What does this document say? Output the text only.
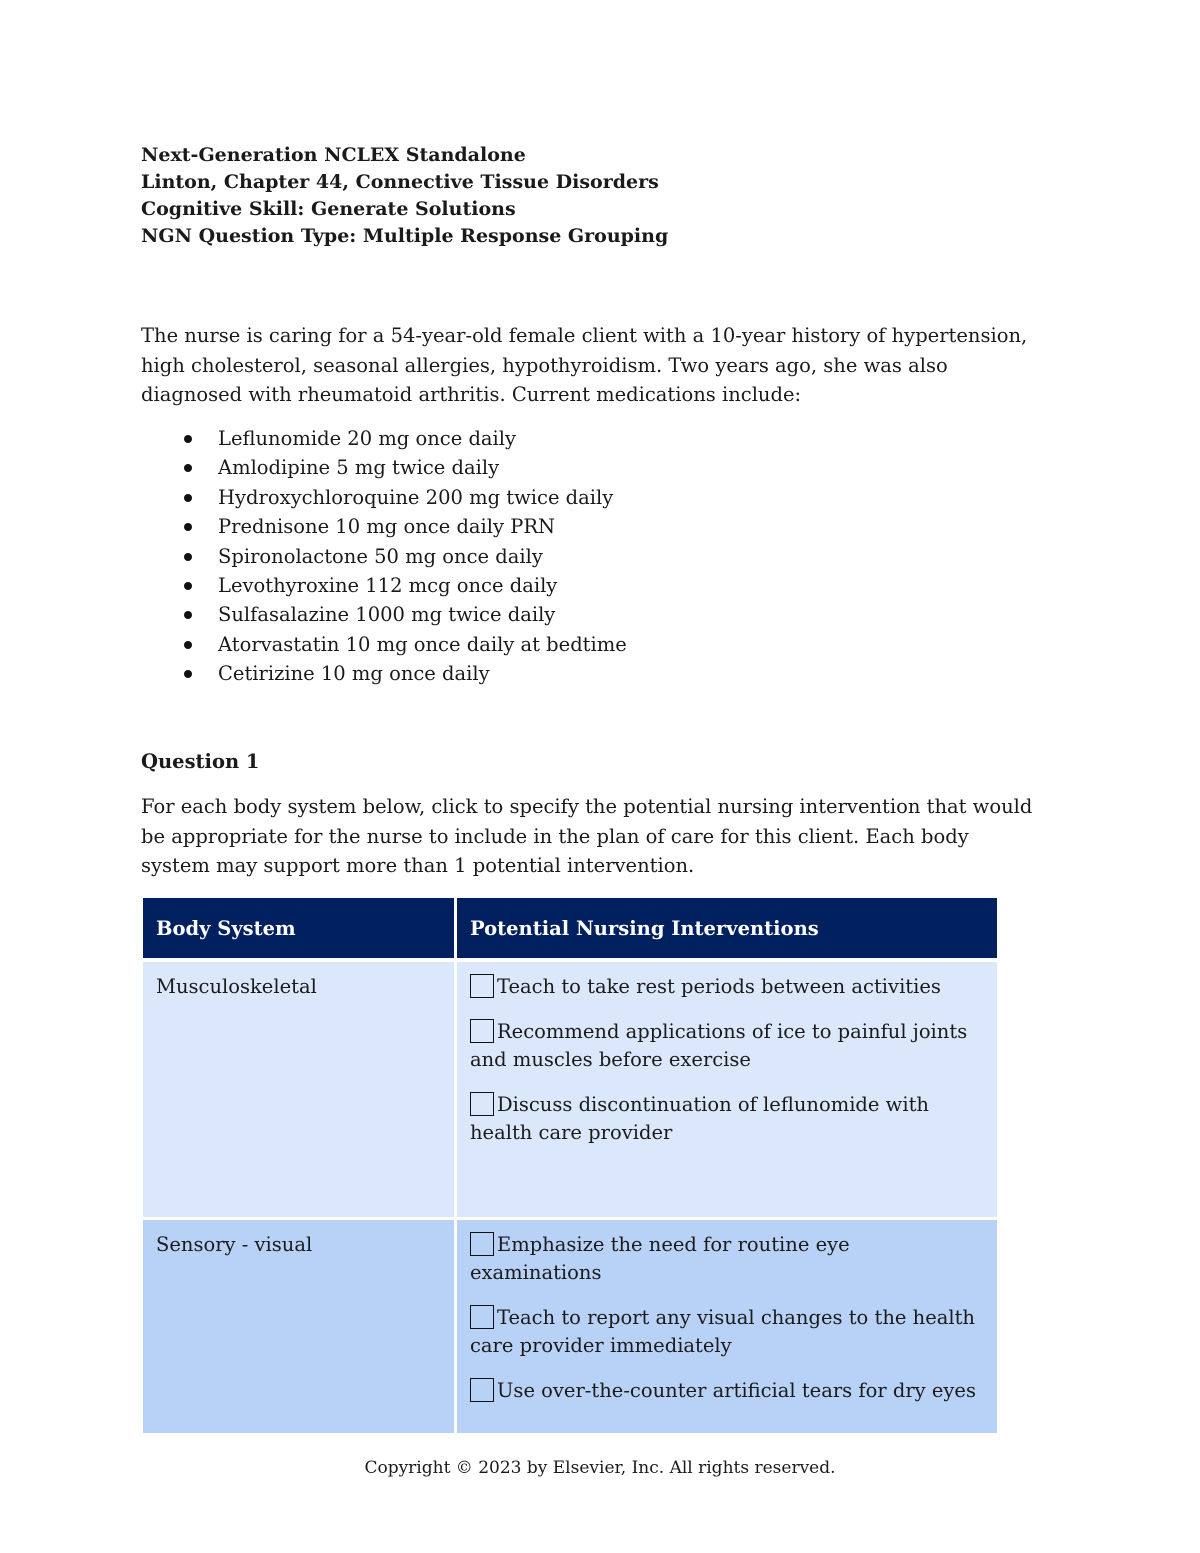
Next-Generation NCLEX Standalone
Linton, Chapter 44, Connective Tissue Disorders
Cognitive Skill: Generate Solutions
NGN Question Type: Multiple Response Grouping

The nurse is caring for a 54-year-old female client with a 10-year history of hypertension, high cholesterol, seasonal allergies, hypothyroidism. Two years ago, she was also diagnosed with rheumatoid arthritis. Current medications include:

Leflunomide 20 mg once daily
Amlodipine 5 mg twice daily
Hydroxychloroquine 200 mg twice daily
Prednisone 10 mg once daily PRN
Spironolactone 50 mg once daily
Levothyroxine 112 mcg once daily
Sulfasalazine 1000 mg twice daily
Atorvastatin 10 mg once daily at bedtime
Cetirizine 10 mg once daily
Question 1

For each body system below, click to specify the potential nursing intervention that would be appropriate for the nurse to include in the plan of care for this client. Each body system may support more than 1 potential intervention.

Body System	Potential Nursing Interventions
Musculoskeletal	Teach to take rest periods between activities
Recommend applications of ice to painful joints and muscles before exercise
Discuss discontinuation of leflunomide with health care provider

Sensory - visual	Emphasize the need for routine eye examinations
Teach to report any visual changes to the health care provider immediately
Use over-the-counter artificial tears for dry eyes
Copyright © 2023 by Elsevier, Inc. All rights reserved.
